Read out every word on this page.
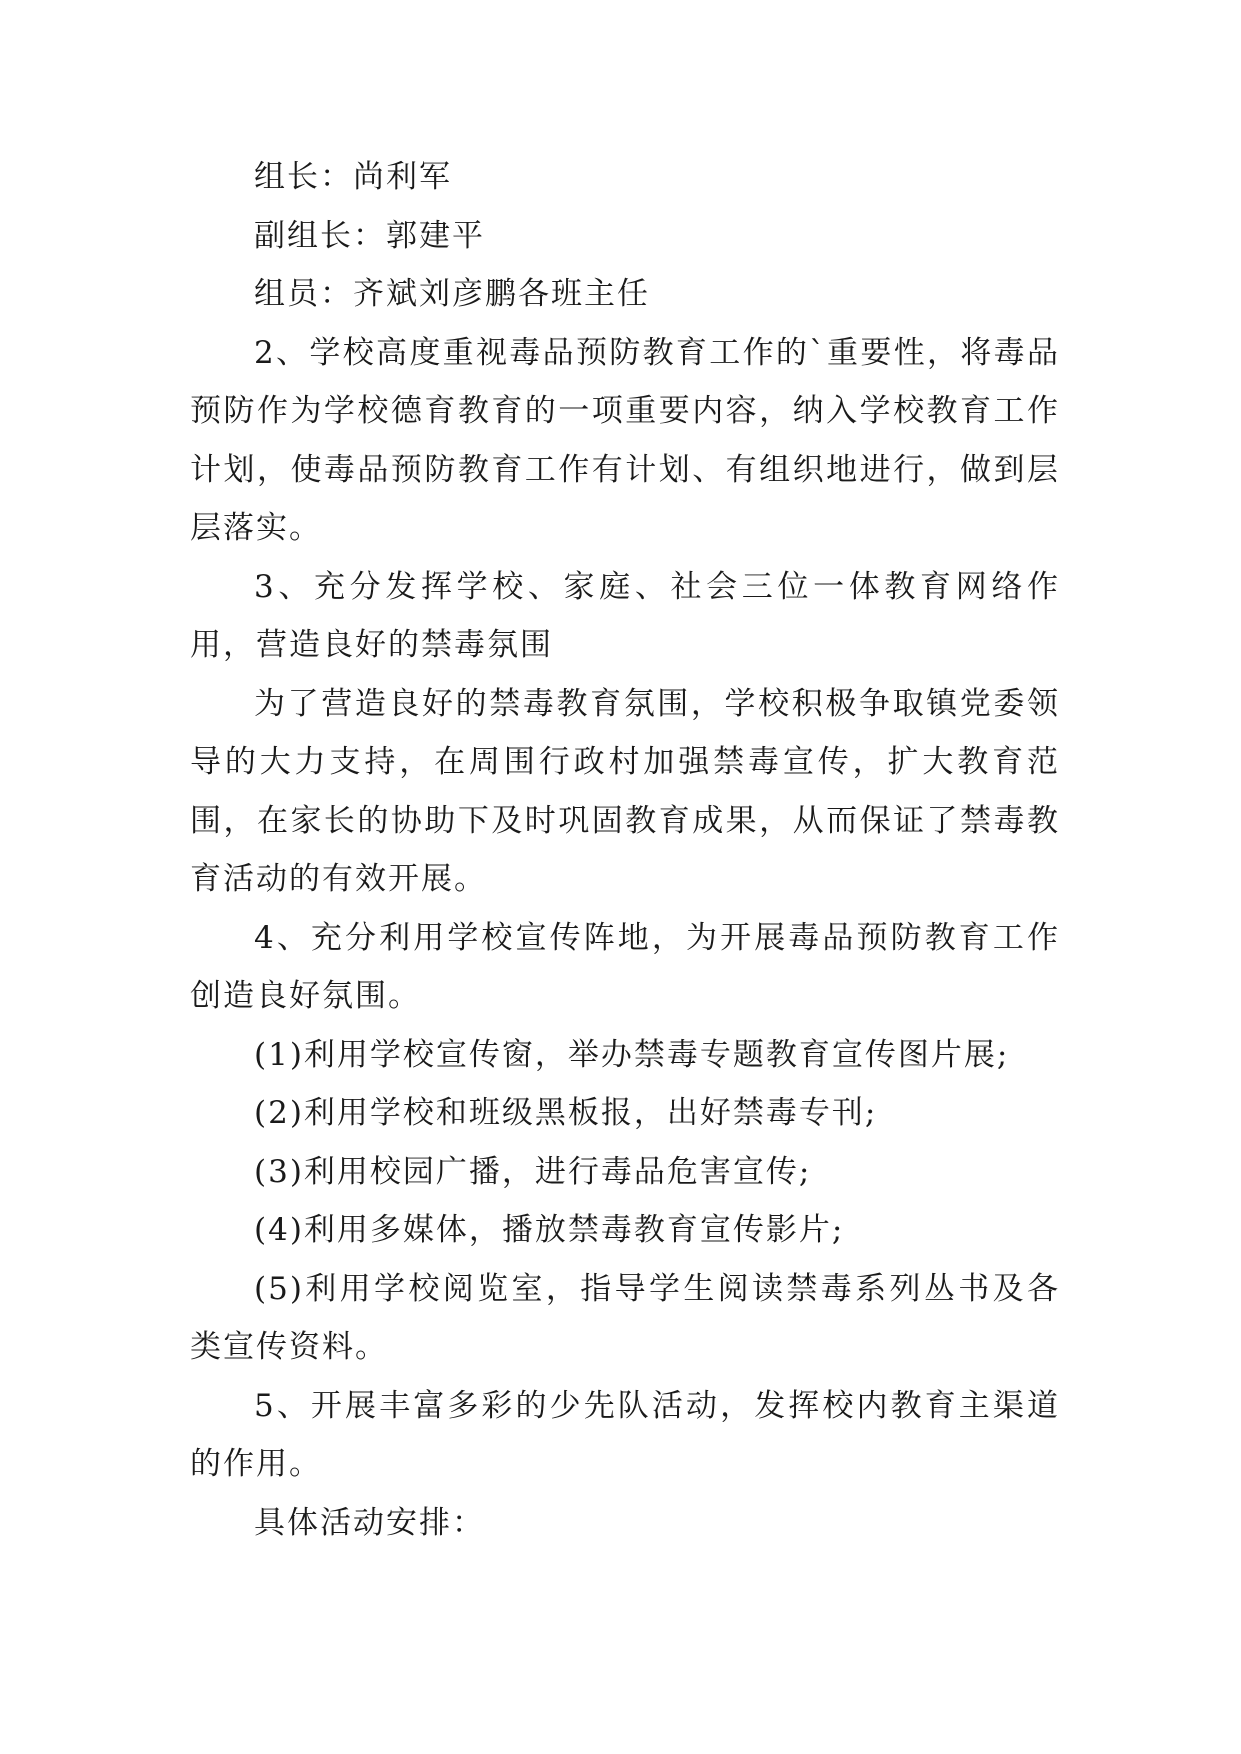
组长：尚利军

副组长：郭建平

组员：齐斌刘彦鹏各班主任

2、学校高度重视毒品预防教育工作的`重要性，将毒品预防作为学校德育教育的一项重要内容，纳入学校教育工作计划，使毒品预防教育工作有计划、有组织地进行，做到层层落实。

3、充分发挥学校、家庭、社会三位一体教育网络作用，营造良好的禁毒氛围

为了营造良好的禁毒教育氛围，学校积极争取镇党委领导的大力支持，在周围行政村加强禁毒宣传，扩大教育范围，在家长的协助下及时巩固教育成果，从而保证了禁毒教育活动的有效开展。

4、充分利用学校宣传阵地，为开展毒品预防教育工作创造良好氛围。

(1)利用学校宣传窗，举办禁毒专题教育宣传图片展;

(2)利用学校和班级黑板报，出好禁毒专刊;

(3)利用校园广播，进行毒品危害宣传;

(4)利用多媒体，播放禁毒教育宣传影片;

(5)利用学校阅览室，指导学生阅读禁毒系列丛书及各类宣传资料。

5、开展丰富多彩的少先队活动，发挥校内教育主渠道的作用。

具体活动安排：
